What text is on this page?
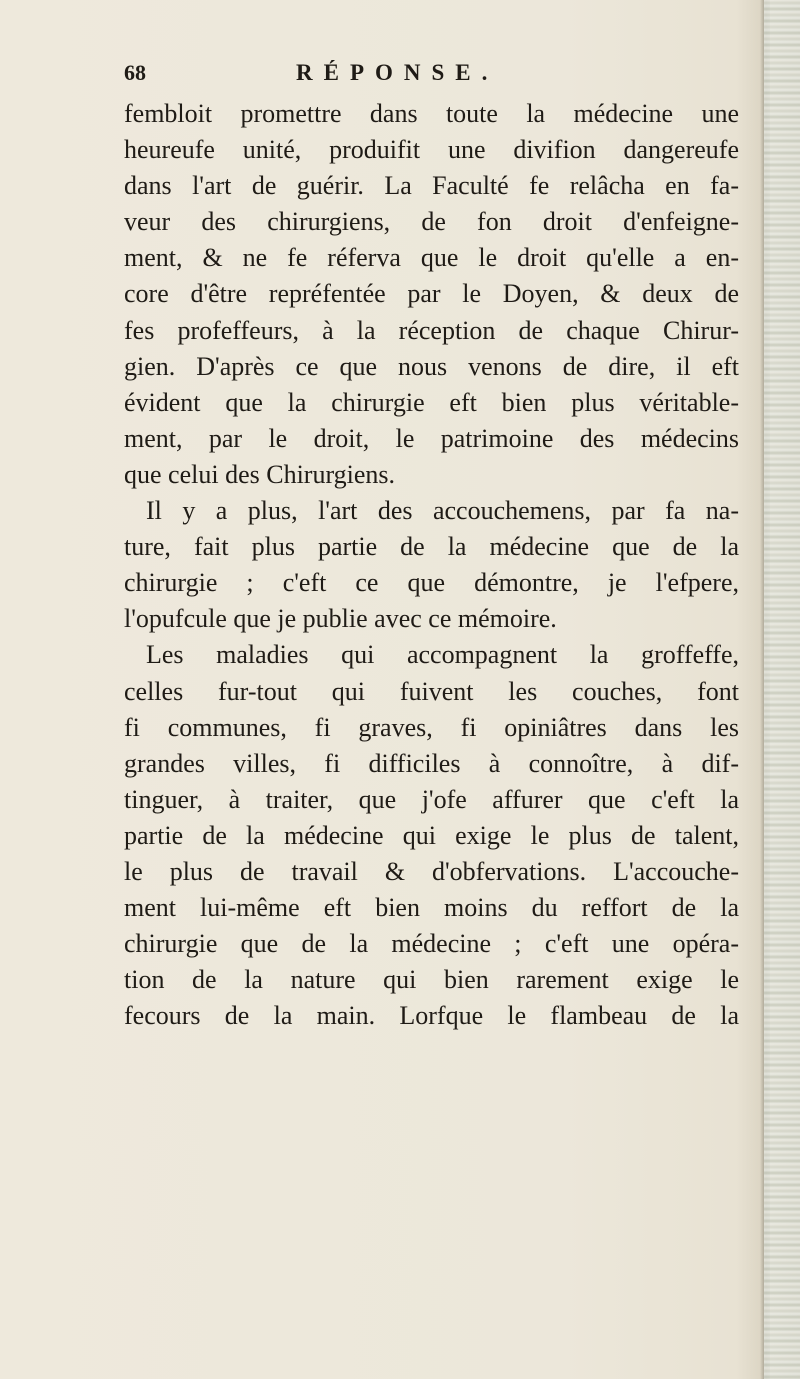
68	RÉPONSE.
fembloit promettre dans toute la médecine une
heureufe unité, produifit une divifion dangereufe
dans l'art de guérir. La Faculté fe relâcha en fa-
veur des chirurgiens, de fon droit d'enfeigne-
ment, & ne fe réferva que le droit qu'elle a en-
core d'être repréfentée par le Doyen, & deux de
fes profeffeurs, à la réception de chaque Chirur-
gien. D'après ce que nous venons de dire, il eft
évident que la chirurgie eft bien plus véritable-
ment, par le droit, le patrimoine des médecins
que celui des Chirurgiens.
Il y a plus, l'art des accouchemens, par fa na-
ture, fait plus partie de la médecine que de la
chirurgie ; c'eft ce que démontre, je l'efpere,
l'opufcule que je publie avec ce mémoire.
Les maladies qui accompagnent la groffeffe,
celles fur-tout qui fuivent les couches, font
fi communes, fi graves, fi opiniâtres dans les
grandes villes, fi difficiles à connoître, à dif-
tinguer, à traiter, que j'ofe affurer que c'eft la
partie de la médecine qui exige le plus de talent,
le plus de travail & d'obfervations. L'accouche-
ment lui-même eft bien moins du reffort de la
chirurgie que de la médecine ; c'eft une opéra-
tion de la nature qui bien rarement exige le
fecours de la main. Lorfque le flambeau de la
